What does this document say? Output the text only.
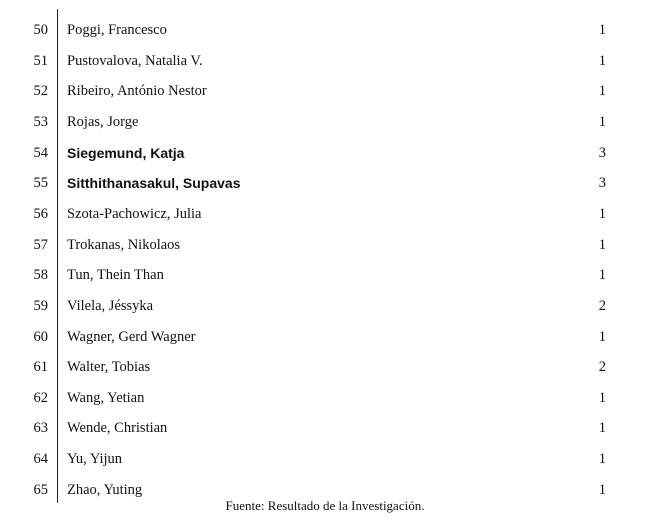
50 Poggi, Francesco	1
51 Pustovalova, Natalia V.	1
52 Ribeiro, António Nestor	1
53 Rojas, Jorge	1
54 Siegemund, Katja	3
55 Sitthithanasakul, Supavas	3
56 Szota-Pachowicz, Julia	1
57 Trokanas, Nikolaos	1
58 Tun, Thein Than	1
59 Vilela, Jéssyka	2
60 Wagner, Gerd Wagner	1
61 Walter, Tobias	2
62 Wang, Yetian	1
63 Wende, Christian	1
64 Yu, Yijun	1
65 Zhao, Yuting	1
Fuente: Resultado de la Investigación.
